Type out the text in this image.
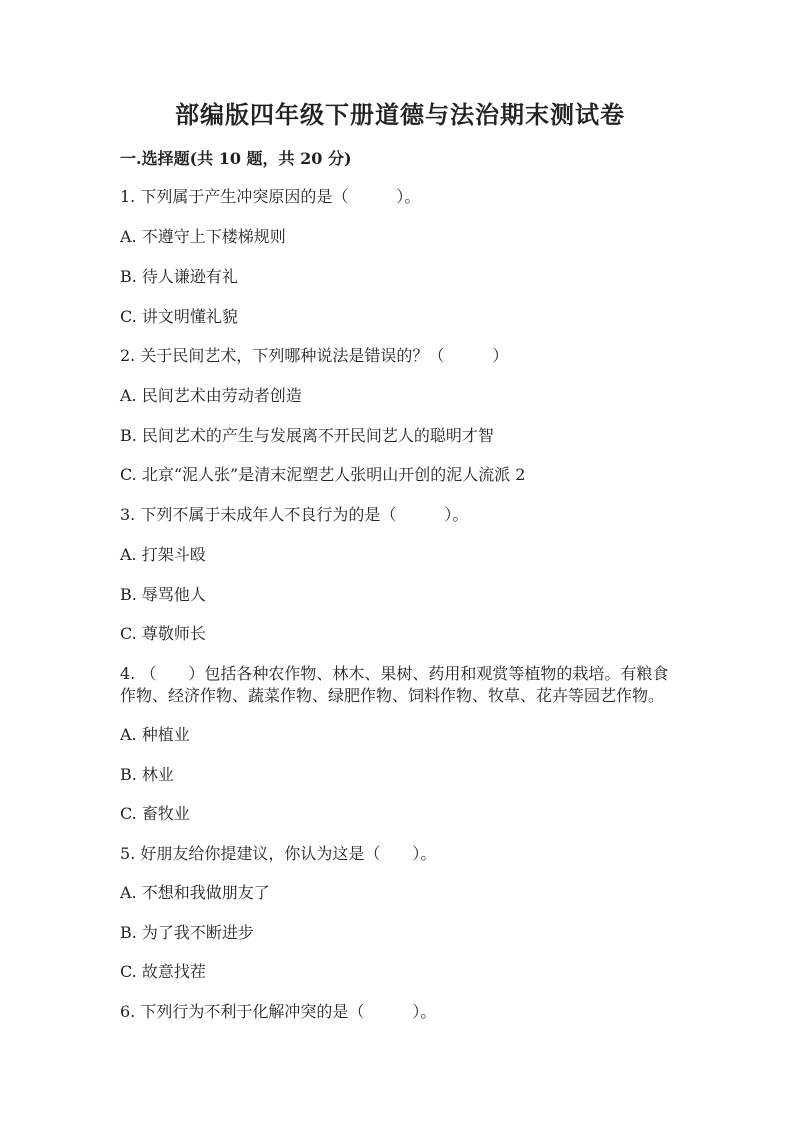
部编版四年级下册道德与法治期末测试卷
一.选择题(共 10 题，共 20 分)
1. 下列属于产生冲突原因的是（　　　）。
A. 不遵守上下楼梯规则
B. 待人谦逊有礼
C. 讲文明懂礼貌
2. 关于民间艺术，下列哪种说法是错误的？（　　　）
A. 民间艺术由劳动者创造
B. 民间艺术的产生与发展离不开民间艺人的聪明才智
C. 北京“泥人张”是清末泥塑艺人张明山开创的泥人流派 2
3. 下列不属于未成年人不良行为的是（　　　）。
A. 打架斗殴
B. 辱骂他人
C. 尊敬师长
4. （　　）包括各种农作物、林木、果树、药用和观赏等植物的栽培。有粮食作物、经济作物、蔬菜作物、绿肥作物、饲料作物、牧草、花卉等园艺作物。
A. 种植业
B. 林业
C. 畜牧业
5. 好朋友给你提建议，你认为这是（　　）。
A. 不想和我做朋友了
B. 为了我不断进步
C. 故意找茬
6. 下列行为不利于化解冲突的是（　　　）。
